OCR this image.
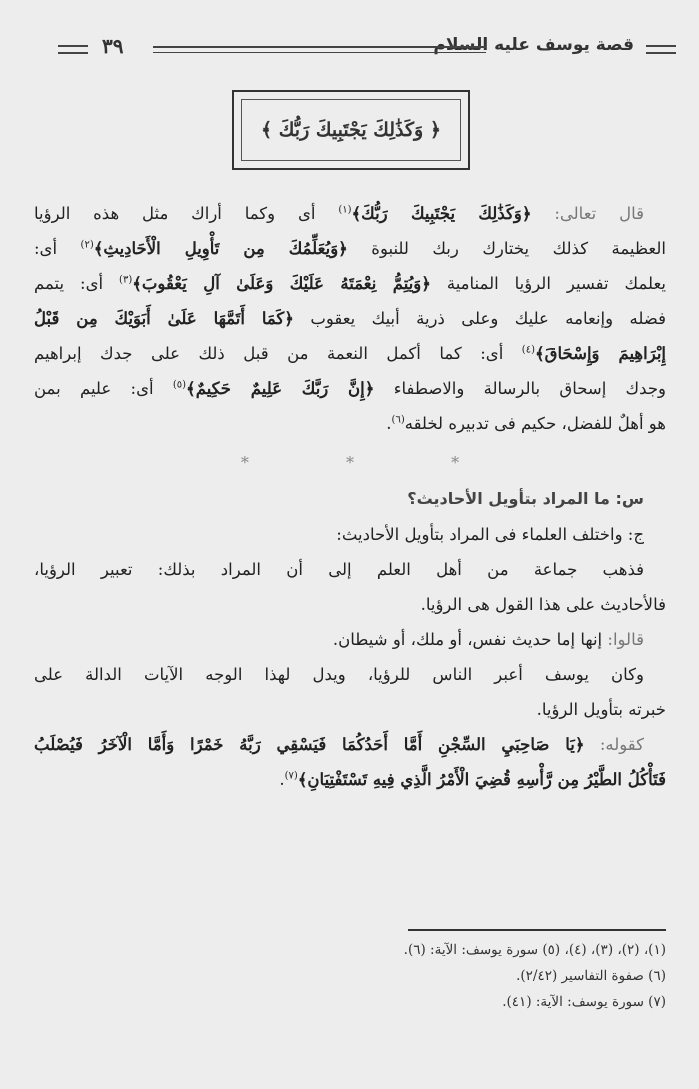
قصة يوسف عليه السلام
٣٩
﴿ وَكَذَٰلِكَ يَجْتَبِيكَ رَبُّكَ ﴾
قال تعالى: ﴿وَكَذَٰلِكَ يَجْتَبِيكَ رَبُّكَ﴾$^{(١)}$ أى وكما أراك مثل هذه الرؤيا
العظيمة كذلك يختارك ربك للنبوة ﴿وَيُعَلِّمُكَ مِن تَأْوِيلِ الْأَحَادِيثِ﴾$^{(٢)}$ أى:
يعلمك تفسير الرؤيا المنامية ﴿وَيُتِمُّ نِعْمَتَهُ عَلَيْكَ وَعَلَىٰ آلِ يَعْقُوبَ﴾$^{(٣)}$ أى: يتمم
فضله وإنعامه عليك وعلى ذرية أبيك يعقوب ﴿كَمَا أَتَمَّهَا عَلَىٰ أَبَوَيْكَ مِن قَبْلُ
إِبْرَاهِيمَ وَإِسْحَاقَ﴾$^{(٤)}$ أى: كما أكمل النعمة من قبل ذلك على جدك إبراهيم
وجدك إسحاق بالرسالة والاصطفاء ﴿إِنَّ رَبَّكَ عَلِيمٌ حَكِيمٌ﴾$^{(٥)}$ أى: عليم بمن
هو أهلٌ للفضل، حكيم فى تدبيره لخلقه$^{(٦)}$.
* * *
س: ما المراد بتأويل الأحاديث؟
ج: واختلف العلماء فى المراد بتأويل الأحاديث:
فذهب جماعة من أهل العلم إلى أن المراد بذلك: تعبير الرؤيا،
فالأحاديث على هذا القول هى الرؤيا.
قالوا: إنها إما حديث نفس، أو ملك، أو شيطان.
وكان يوسف أعبر الناس للرؤيا، ويدل لهذا الوجه الآيات الدالة على
خبرته بتأويل الرؤيا.
كقوله: ﴿يَا صَاحِبَيِ السِّجْنِ أَمَّا أَحَدُكُمَا فَيَسْقِي رَبَّهُ خَمْرًا وَأَمَّا الْآخَرُ فَيُصْلَبُ
فَتَأْكُلُ الطَّيْرُ مِن رَّأْسِهِ قُضِيَ الْأَمْرُ الَّذِي فِيهِ تَسْتَفْتِيَانِ﴾$^{(٧)}$.
(١)، (٢)، (٣)، (٤)، (٥) سورة يوسف: الآية: (٦).
(٦) صفوة التفاسير (٢/٤٢).
(٧) سورة يوسف: الآية: (٤١).
